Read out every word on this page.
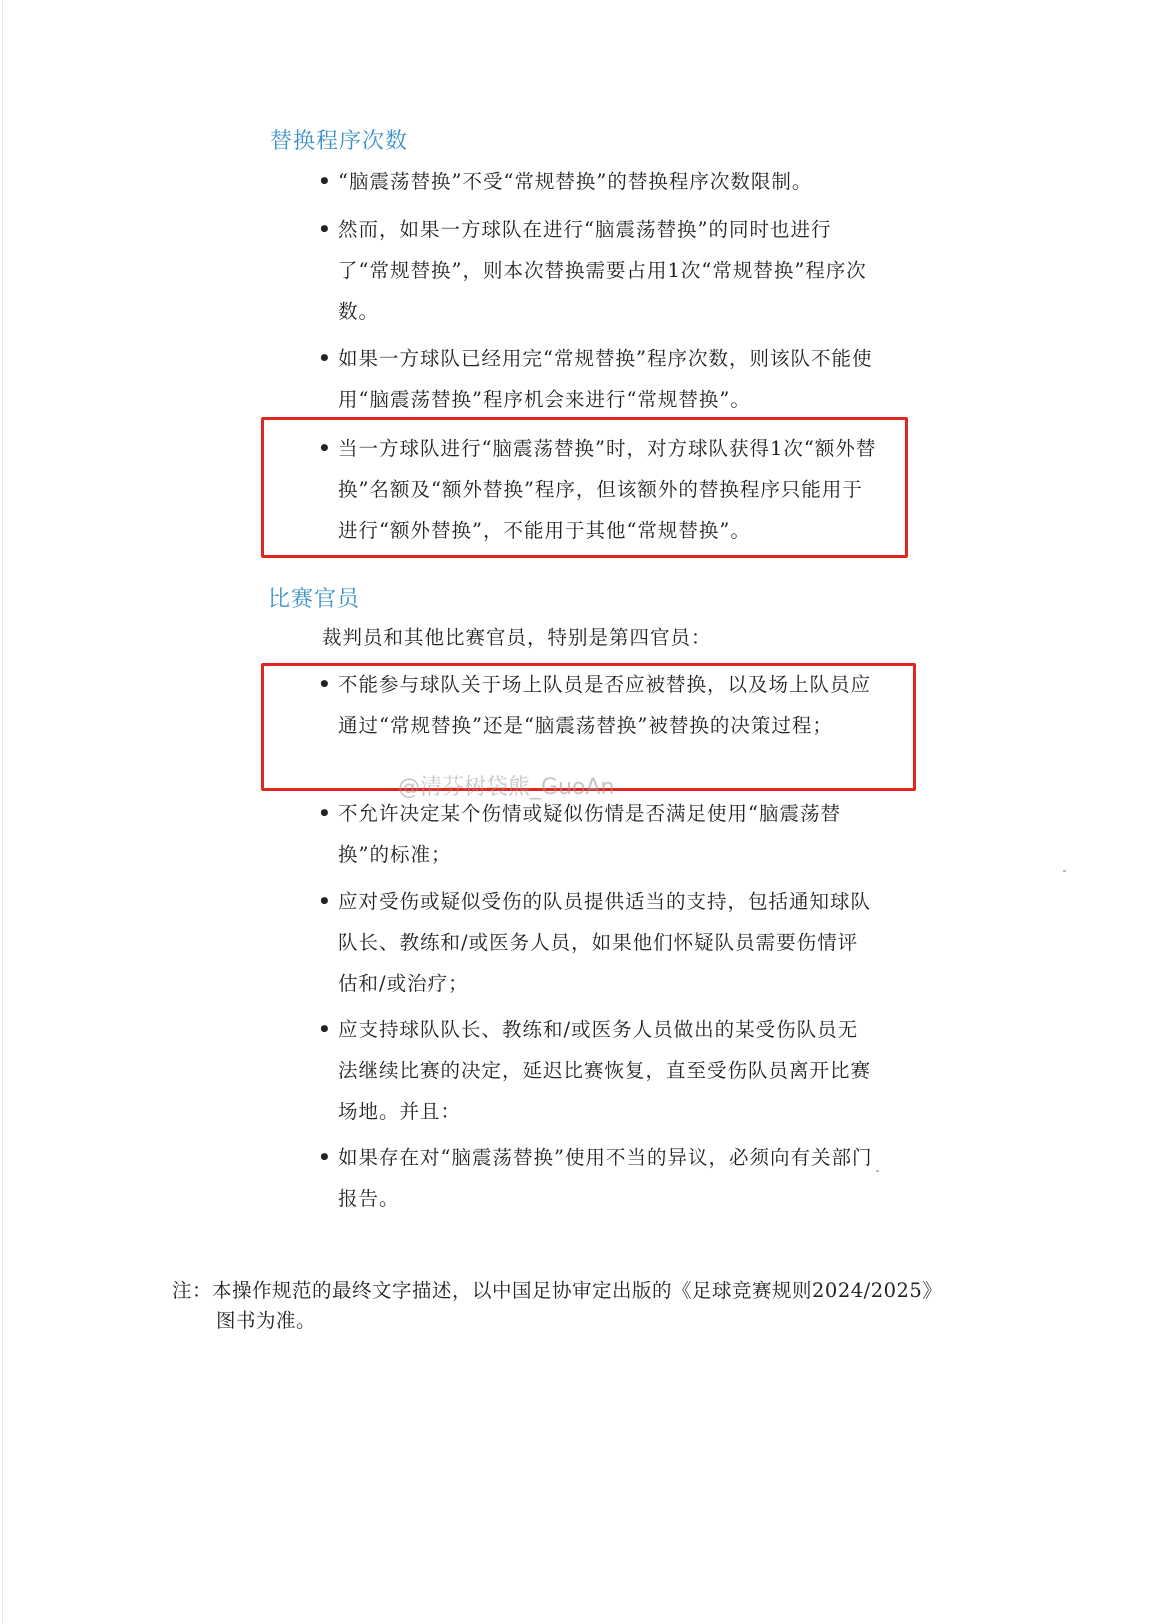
替换程序次数
• “脑震荡替换”不受“常规替换”的替换程序次数限制。
• 然而，如果一方球队在进行“脑震荡替换”的同时也进行了“常规替换”，则本次替换需要占用1次“常规替换”程序次数。
• 如果一方球队已经用完“常规替换”程序次数，则该队不能使用“脑震荡替换”程序机会来进行“常规替换”。
• 当一方球队进行“脑震荡替换”时，对方球队获得1次“额外替换”名额及“额外替换”程序，但该额外的替换程序只能用于进行“额外替换”，不能用于其他“常规替换”。
比赛官员
裁判员和其他比赛官员，特别是第四官员：
• 不能参与球队关于场上队员是否应被替换，以及场上队员应通过“常规替换”还是“脑震荡替换”被替换的决策过程；
• 不允许决定某个伤情或疑似伤情是否满足使用“脑震荡替换”的标准；
• 应对受伤或疑似受伤的队员提供适当的支持，包括通知球队队长、教练和/或医务人员，如果他们怀疑队员需要伤情评估和/或治疗；
• 应支持球队队长、教练和/或医务人员做出的某受伤队员无法继续比赛的决定，延迟比赛恢复，直至受伤队员离开比赛场地。并且：
• 如果存在对“脑震荡替换”使用不当的异议，必须向有关部门报告。
@清芬树袋熊_GuoAn
注：本操作规范的最终文字描述，以中国足协审定出版的《足球竞赛规则2024/2025》
图书为准。
